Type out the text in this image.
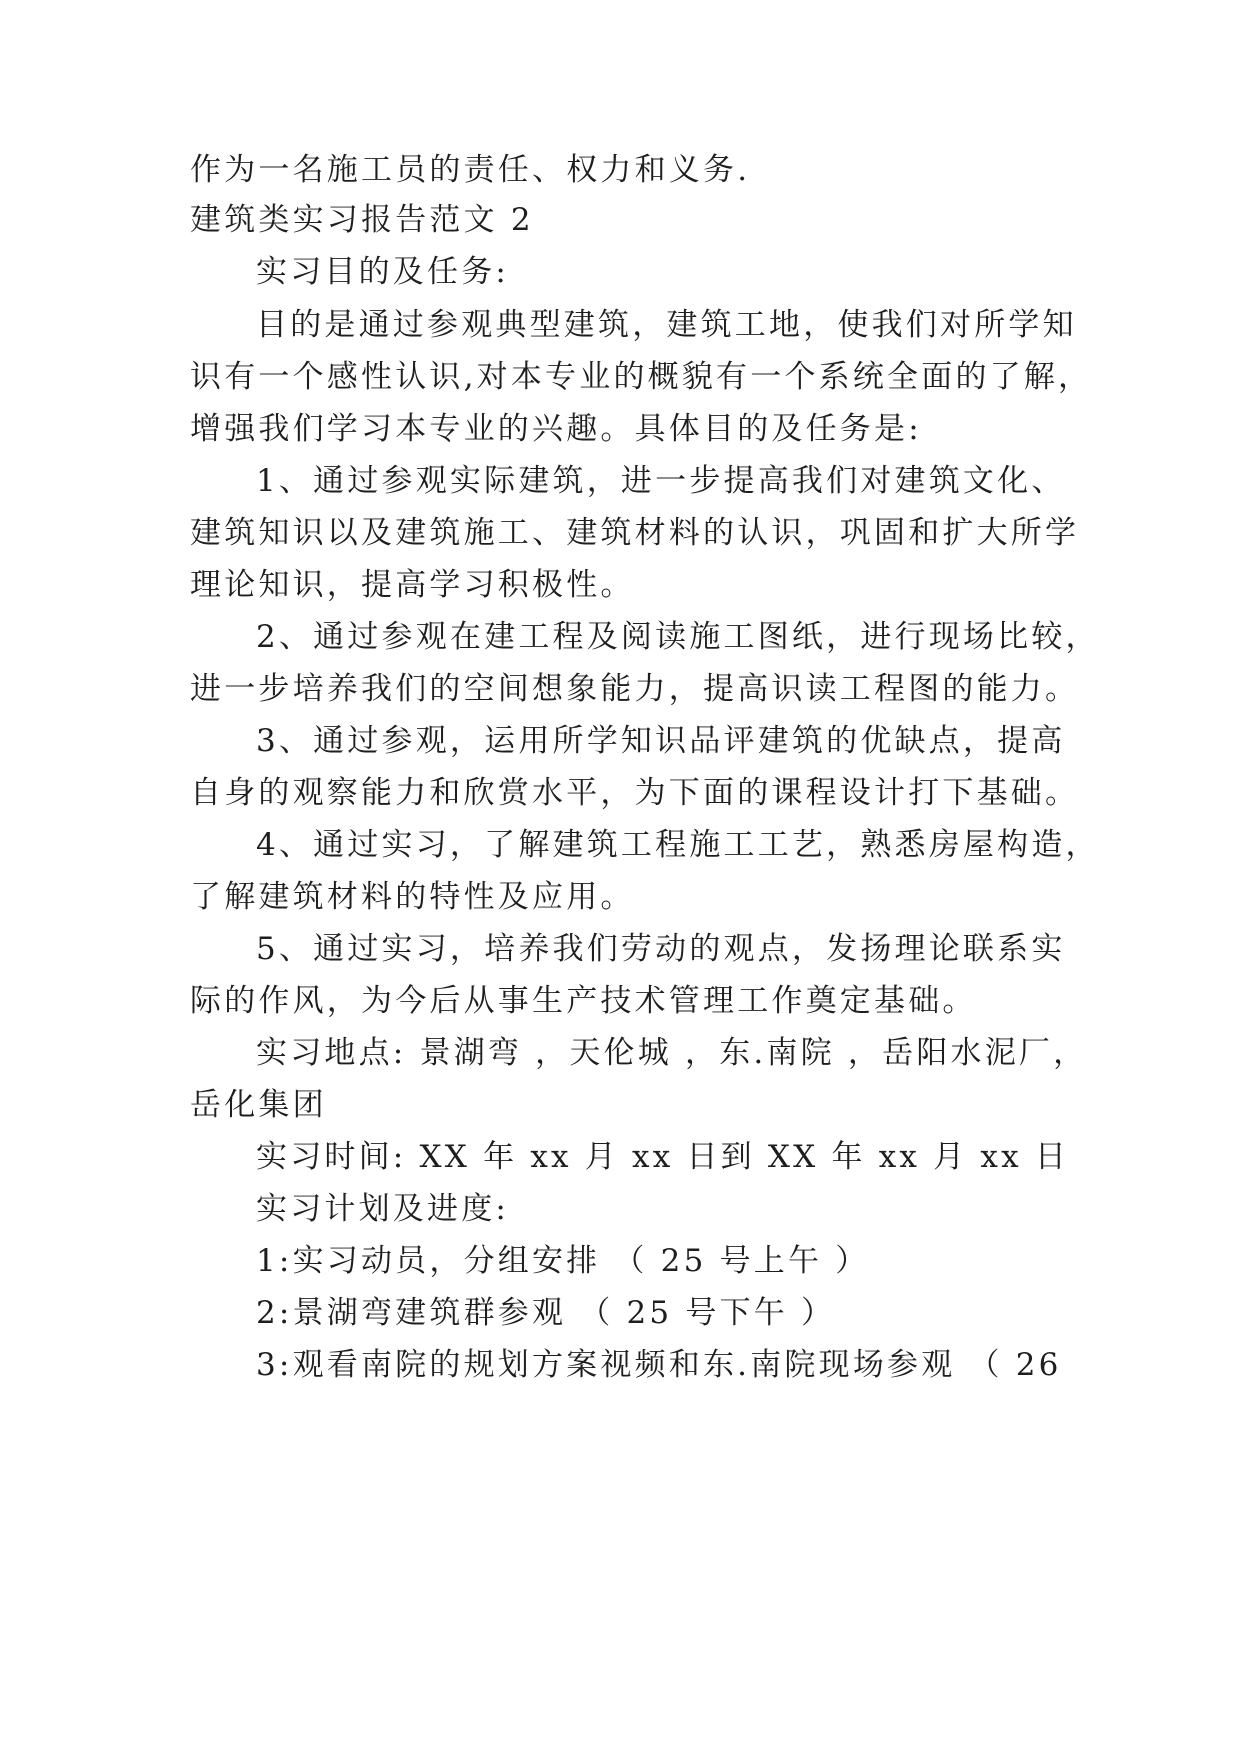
作为一名施工员的责任、权力和义务.
建筑类实习报告范文 2
实习目的及任务:
目的是通过参观典型建筑，建筑工地，使我们对所学知
识有一个感性认识,对本专业的概貌有一个系统全面的了解，
增强我们学习本专业的兴趣。具体目的及任务是:
1、通过参观实际建筑，进一步提高我们对建筑文化、
建筑知识以及建筑施工、建筑材料的认识，巩固和扩大所学
理论知识，提高学习积极性。
2、通过参观在建工程及阅读施工图纸，进行现场比较，
进一步培养我们的空间想象能力，提高识读工程图的能力。
3、通过参观，运用所学知识品评建筑的优缺点，提高
自身的观察能力和欣赏水平，为下面的课程设计打下基础。
4、通过实习，了解建筑工程施工工艺，熟悉房屋构造，
了解建筑材料的特性及应用。
5、通过实习，培养我们劳动的观点，发扬理论联系实
际的作风，为今后从事生产技术管理工作奠定基础。
实习地点: 景湖弯 ，天伦城 ，东.南院 ，岳阳水泥厂，
岳化集团
实习时间: XX 年 xx 月 xx 日到 XX 年 xx 月 xx 日
实习计划及进度:
1:实习动员，分组安排 （ 25 号上午 ）
2:景湖弯建筑群参观 （ 25 号下午 ）
3:观看南院的规划方案视频和东.南院现场参观 （ 26
